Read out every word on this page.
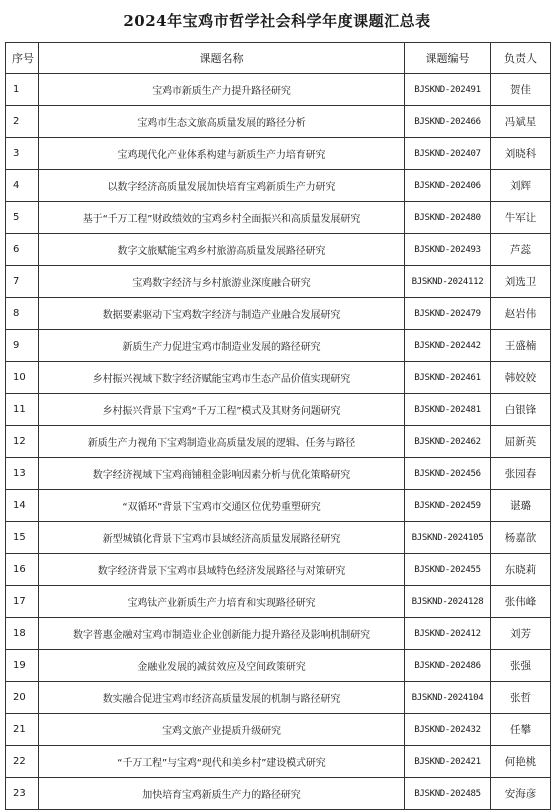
2024年宝鸡市哲学社会科学年度课题汇总表
序号	课题名称	课题编号	负责人
1	宝鸡市新质生产力提升路径研究	BJSKND-202491	贺佳
2	宝鸡市生态文旅高质量发展的路径分析	BJSKND-202466	冯斌星
3	宝鸡现代化产业体系构建与新质生产力培育研究	BJSKND-202407	刘晓科
4	以数字经济高质量发展加快培育宝鸡新质生产力研究	BJSKND-202406	刘辉
5	基于“千万工程”财政绩效的宝鸡乡村全面振兴和高质量发展研究	BJSKND-202480	牛军让
6	数字文旅赋能宝鸡乡村旅游高质量发展路径研究	BJSKND-202493	芦蕊
7	宝鸡数字经济与乡村旅游业深度融合研究	BJSKND-2024112	刘选卫
8	数据要素驱动下宝鸡数字经济与制造产业融合发展研究	BJSKND-202479	赵岩伟
9	新质生产力促进宝鸡市制造业发展的路径研究	BJSKND-202442	王盛楠
10	乡村振兴视域下数字经济赋能宝鸡市生态产品价值实现研究	BJSKND-202461	韩姣姣
11	乡村振兴背景下宝鸡“千万工程”模式及其财务问题研究	BJSKND-202481	白银锋
12	新质生产力视角下宝鸡制造业高质量发展的逻辑、任务与路径	BJSKND-202462	屈新英
13	数字经济视域下宝鸡商铺租金影响因素分析与优化策略研究	BJSKND-202456	张园春
14	“双循环”背景下宝鸡市交通区位优势重塑研究	BJSKND-202459	谌璐
15	新型城镇化背景下宝鸡市县域经济高质量发展路径研究	BJSKND-2024105	杨嘉歆
16	数字经济背景下宝鸡市县域特色经济发展路径与对策研究	BJSKND-202455	东晓莉
17	宝鸡钛产业新质生产力培育和实现路径研究	BJSKND-2024128	张伟峰
18	数字普惠金融对宝鸡市制造业企业创新能力提升路径及影响机制研究	BJSKND-202412	刘芳
19	金融业发展的减贫效应及空间政策研究	BJSKND-202486	张强
20	数实融合促进宝鸡市经济高质量发展的机制与路径研究	BJSKND-2024104	张哲
21	宝鸡文旅产业提质升级研究	BJSKND-202432	任攀
22	“千万工程”与宝鸡“现代和美乡村”建设模式研究	BJSKND-202421	何艳桃
23	加快培育宝鸡新质生产力的路径研究	BJSKND-202485	安海彦
